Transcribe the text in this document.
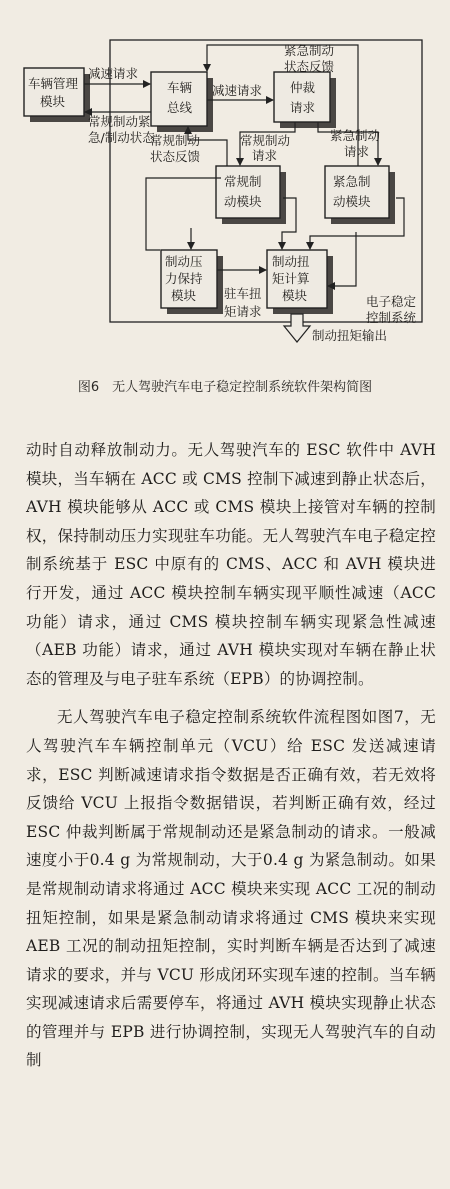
车辆管理
模块
车辆
总线
仲裁
请求
常规制
动模块
紧急制
动模块
制动压
力保持
模块
制动扭
矩计算
模块
减速请求
常规制动紧
急/制动状态
减速请求
紧急制动
状态反馈
常规制动
状态反馈
常规制动
请求
紧急制动
请求
驻车扭
矩请求
电子稳定
控制系统
制动扭矩输出
图6　无人驾驶汽车电子稳定控制系统软件架构简图

动时自动释放制动力。无人驾驶汽车的 ESC 软件中 AVH 模块，当车辆在 ACC 或 CMS 控制下减速到静止状态后，AVH 模块能够从 ACC 或 CMS 模块上接管对车辆的控制权，保持制动压力实现驻车功能。无人驾驶汽车电子稳定控制系统基于 ESC 中原有的 CMS、ACC 和 AVH 模块进行开发，通过 ACC 模块控制车辆实现平顺性减速（ACC 功能）请求，通过 CMS 模块控制车辆实现紧急性减速（AEB 功能）请求，通过 AVH 模块实现对车辆在静止状态的管理及与电子驻车系统（EPB）的协调控制。

无人驾驶汽车电子稳定控制系统软件流程图如图7，无人驾驶汽车车辆控制单元（VCU）给 ESC 发送减速请求，ESC 判断减速请求指令数据是否正确有效，若无效将反馈给 VCU 上报指令数据错误，若判断正确有效，经过 ESC 仲裁判断属于常规制动还是紧急制动的请求。一般减速度小于0.4 g 为常规制动，大于0.4 g 为紧急制动。如果是常规制动请求将通过 ACC 模块来实现 ACC 工况的制动扭矩控制，如果是紧急制动请求将通过 CMS 模块来实现 AEB 工况的制动扭矩控制，实时判断车辆是否达到了减速请求的要求，并与 VCU 形成闭环实现车速的控制。当车辆实现减速请求后需要停车，将通过 AVH 模块实现静止状态的管理并与 EPB 进行协调控制，实现无人驾驶汽车的自动制
